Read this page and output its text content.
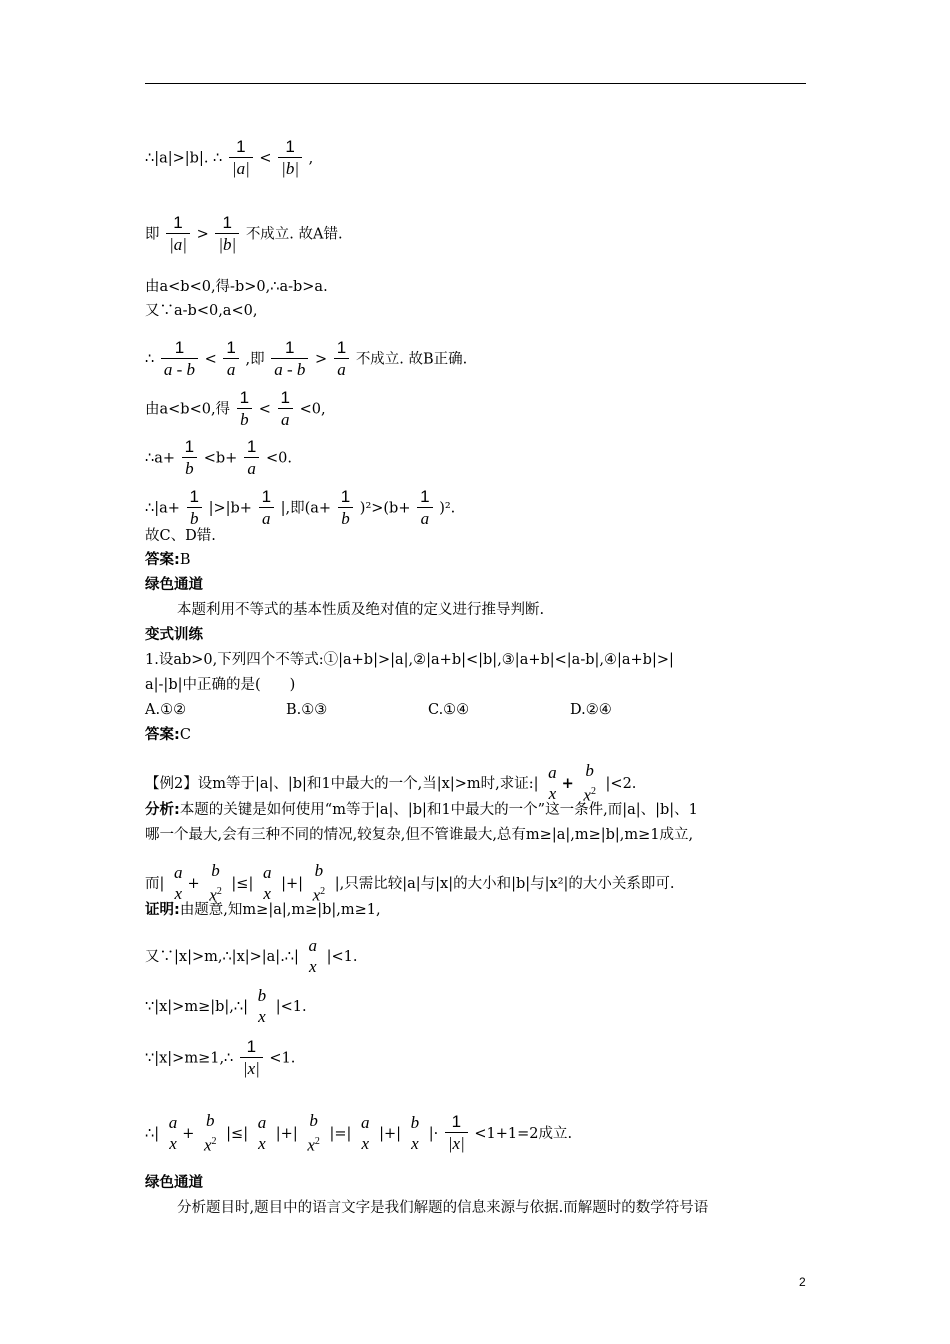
∴|a|>|b|. ∴ $\frac{1}{|a|} < \frac{1}{|b|}$ ,
即 $\frac{1}{|a|} > \frac{1}{|b|}$ 不成立. 故A错.
由a<b<0,得-b>0,∴a-b>a.
又∵a-b<0,a<0,
∴ $\frac{1}{a - b} < \frac{1}{a}$ ,即 $\frac{1}{a - b} > \frac{1}{a}$ 不成立. 故B正确.
由a<b<0,得 $\frac{1}{b} < \frac{1}{a} <0$,
∴a+ $\frac{1}{b} <b+ \frac{1}{a} <0$.
∴|a+ $\frac{1}{b} |>|b+ \frac{1}{a}$ |,即$(a+ \frac{1}{b} )^2>(b+ \frac{1}{a} )^2$.
故C、D错.
答案:B
绿色通道
本题利用不等式的基本性质及绝对值的定义进行推导判断.
变式训练
1.设ab>0,下列四个不等式:①|a+b|>|a|,②|a+b|<|b|,③|a+b|<|a-b|,④|a+b|>|
a|-|b|中正确的是(　　)
A.①②	B.①③	C.①④	D.②④
答案:C
【例2】设m等于|a|、|b|和1中最大的一个,当|x|>m时,求证:|
a
x
+
b
$x^2$ |<2.
分析:本题的关键是如何使用“m等于|a|、|b|和1中最大的一个”这一条件,而|a|、|b|、1
哪一个最大,会有三种不同的情况,较复杂,但不管谁最大,总有m≥|a|,m≥|b|,m≥1成立,
而|
a
x +
b
$x^2$ |≤|
a
x |+|
b
$x^2$ |,只需比较|a|与|x|的大小和|b|与|x²|的大小关系即可.
证明:由题意,知m≥|a|,m≥|b|,m≥1,
又∵|x|>m,∴|x|>|a|.∴|
a
x |<1.
∵|x|>m≥|b|,∴|
b
x |<1.
∵|x|>m≥1,∴ $\frac{1}{|x|} <1$.
∴|
a
x +
b
$x^2$ |≤|
a
x |+|
b
$x^2$ |=|
a
x |+|
b
x |· $\frac{1}{|x|} <1+1=2$成立.
绿色通道
分析题目时,题目中的语言文字是我们解题的信息来源与依据.而解题时的数学符号语
2
